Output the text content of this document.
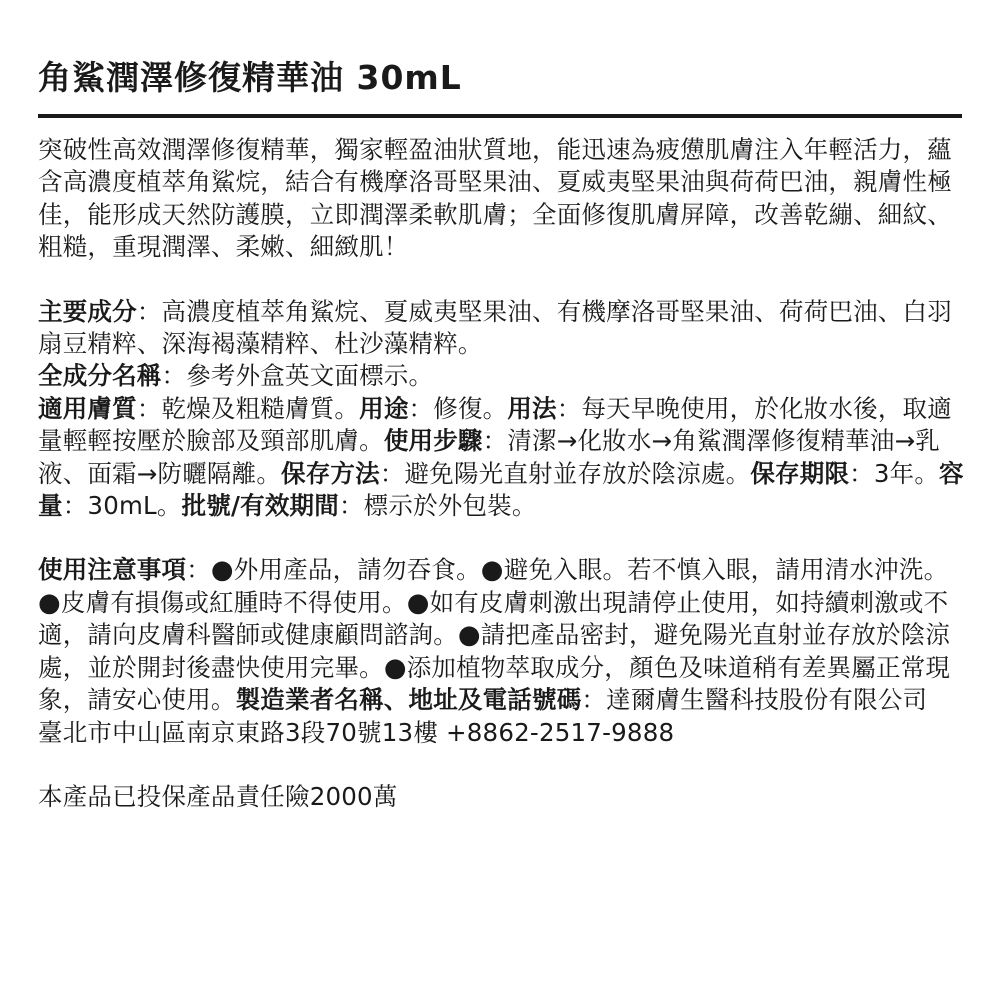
角鯊潤澤修復精華油 30mL

突破性高效潤澤修復精華，獨家輕盈油狀質地，能迅速為疲憊肌膚注入年輕活力，蘊含高濃度植萃角鯊烷，結合有機摩洛哥堅果油、夏威夷堅果油與荷荷巴油，親膚性極佳，能形成天然防護膜，立即潤澤柔軟肌膚；全面修復肌膚屏障，改善乾繃、細紋、粗糙，重現潤澤、柔嫩、細緻肌！

主要成分：高濃度植萃角鯊烷、夏威夷堅果油、有機摩洛哥堅果油、荷荷巴油、白羽扇豆精粹、深海褐藻精粹、杜沙藻精粹。
全成分名稱：參考外盒英文面標示。
適用膚質：乾燥及粗糙膚質。用途：修復。用法：每天早晚使用，於化妝水後，取適量輕輕按壓於臉部及頸部肌膚。使用步驟：清潔→化妝水→角鯊潤澤修復精華油→乳液、面霜→防曬隔離。保存方法：避免陽光直射並存放於陰涼處。保存期限：3年。容量：30mL。批號/有效期間：標示於外包裝。

使用注意事項：●外用產品，請勿吞食。●避免入眼。若不慎入眼，請用清水沖洗。●皮膚有損傷或紅腫時不得使用。●如有皮膚刺激出現請停止使用，如持續刺激或不適，請向皮膚科醫師或健康顧問諮詢。●請把產品密封，避免陽光直射並存放於陰涼處，並於開封後盡快使用完畢。●添加植物萃取成分，顏色及味道稍有差異屬正常現象，請安心使用。製造業者名稱、地址及電話號碼：達爾膚生醫科技股份有限公司　臺北市中山區南京東路3段70號13樓 +8862-2517-9888

本產品已投保產品責任險2000萬
